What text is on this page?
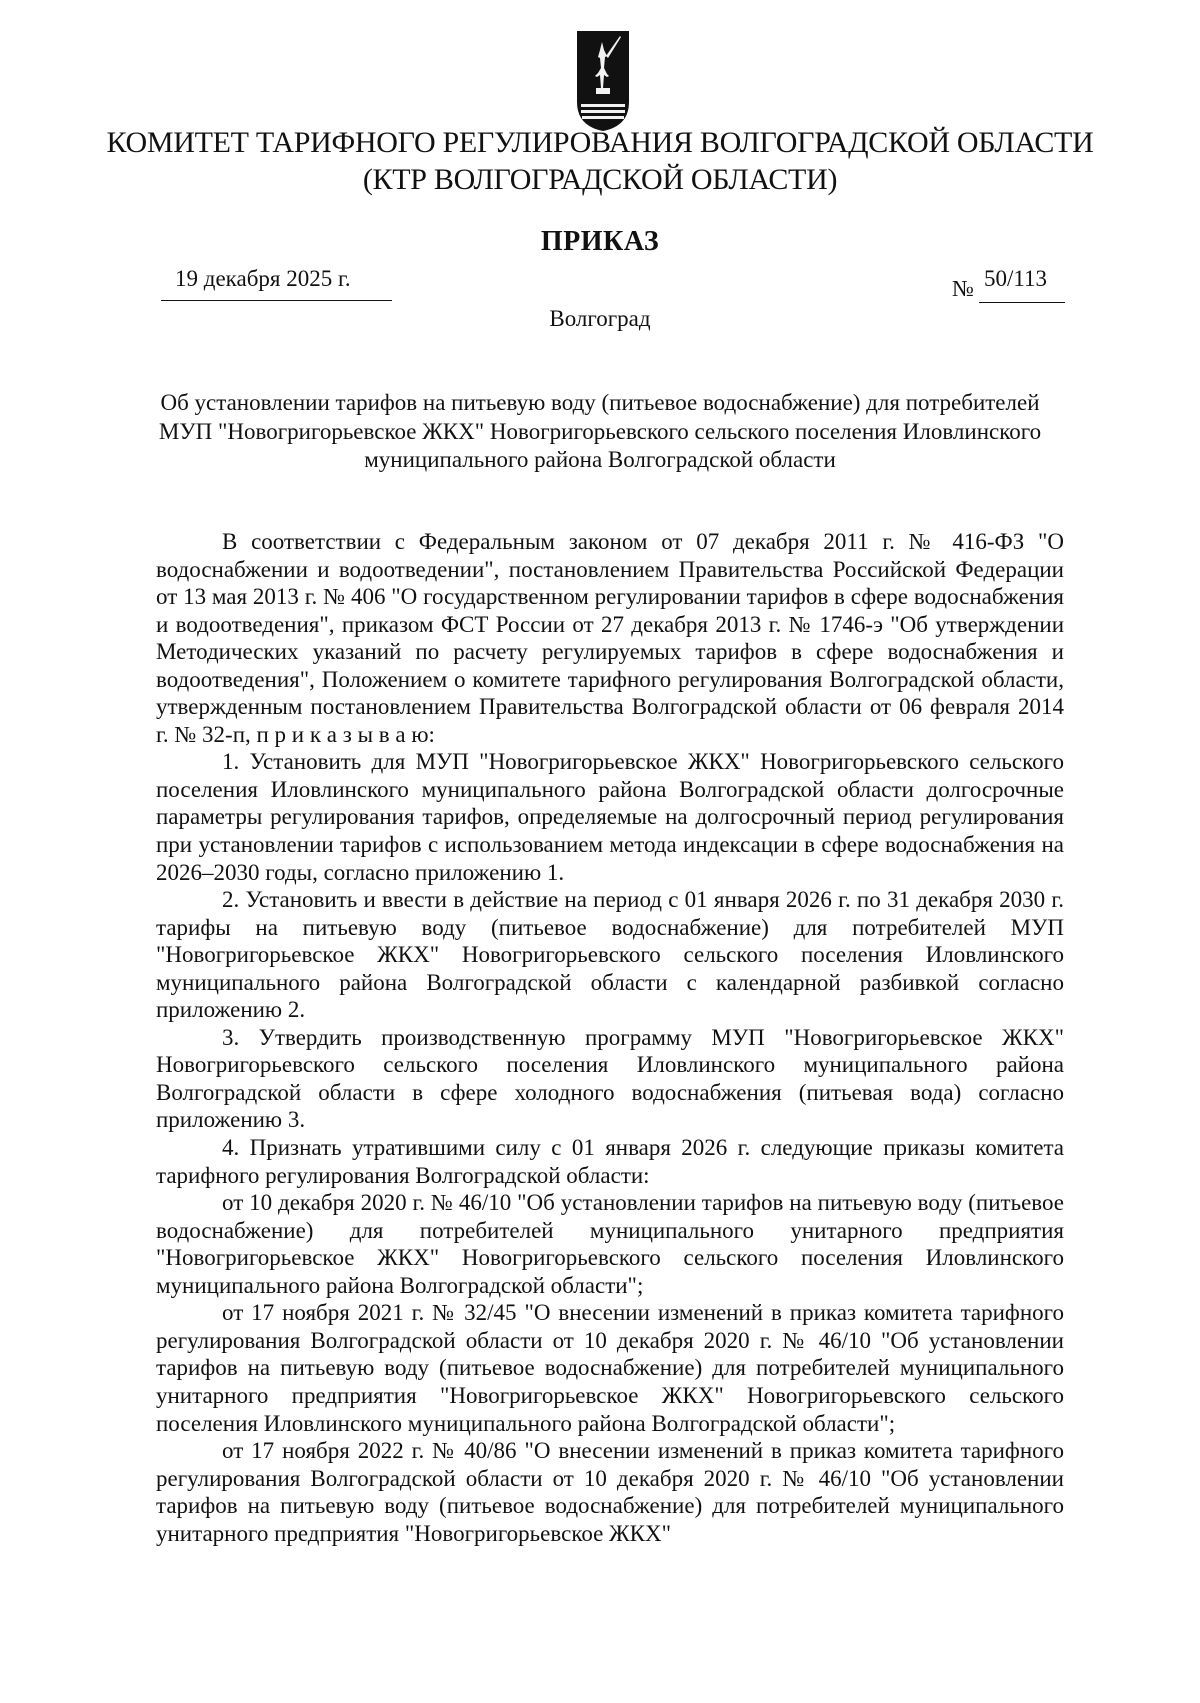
КОМИТЕТ ТАРИФНОГО РЕГУЛИРОВАНИЯ ВОЛГОГРАДСКОЙ ОБЛАСТИ
(КТР ВОЛГОГРАДСКОЙ ОБЛАСТИ)
ПРИКАЗ
19 декабря 2025 г.	№ 50/113
Волгоград
Об установлении тарифов на питьевую воду (питьевое водоснабжение) для потребителей МУП "Новогригорьевское ЖКХ" Новогригорьевского сельского поселения Иловлинского муниципального района Волгоградской области

В соответствии с Федеральным законом от 07 декабря 2011 г. № 416-ФЗ "О водоснабжении и водоотведении", постановлением Правительства Российской Федерации от 13 мая 2013 г. № 406 "О государственном регулировании тарифов в сфере водоснабжения и водоотведения", приказом ФСТ России от 27 декабря 2013 г. № 1746-э "Об утверждении Методических указаний по расчету регулируемых тарифов в сфере водоснабжения и водоотведения", Положением о комитете тарифного регулирования Волгоградской области, утвержденным постановлением Правительства Волгоградской области от 06 февраля 2014 г. № 32-п, п р и к а з ы в а ю:

1. Установить для МУП "Новогригорьевское ЖКХ" Новогригорьевского сельского поселения Иловлинского муниципального района Волгоградской области долгосрочные параметры регулирования тарифов, определяемые на долгосрочный период регулирования при установлении тарифов с использованием метода индексации в сфере водоснабжения на 2026–2030 годы, согласно приложению 1.

2. Установить и ввести в действие на период с 01 января 2026 г. по 31 декабря 2030 г. тарифы на питьевую воду (питьевое водоснабжение) для потребителей МУП "Новогригорьевское ЖКХ" Новогригорьевского сельского поселения Иловлинского муниципального района Волгоградской области с календарной разбивкой согласно приложению 2.

3. Утвердить производственную программу МУП "Новогригорьевское ЖКХ" Новогригорьевского сельского поселения Иловлинского муниципального района Волгоградской области в сфере холодного водоснабжения (питьевая вода) согласно приложению 3.

4. Признать утратившими силу с 01 января 2026 г. следующие приказы комитета тарифного регулирования Волгоградской области:

от 10 декабря 2020 г. № 46/10 "Об установлении тарифов на питьевую воду (питьевое водоснабжение) для потребителей муниципального унитарного предприятия "Новогригорьевское ЖКХ" Новогригорьевского сельского поселения Иловлинского муниципального района Волгоградской области";

от 17 ноября 2021 г. № 32/45 "О внесении изменений в приказ комитета тарифного регулирования Волгоградской области от 10 декабря 2020 г. № 46/10 "Об установлении тарифов на питьевую воду (питьевое водоснабжение) для потребителей муниципального унитарного предприятия "Новогригорьевское ЖКХ" Новогригорьевского сельского поселения Иловлинского муниципального района Волгоградской области";

от 17 ноября 2022 г. № 40/86 "О внесении изменений в приказ комитета тарифного регулирования Волгоградской области от 10 декабря 2020 г. № 46/10 "Об установлении тарифов на питьевую воду (питьевое водоснабжение) для потребителей муниципального унитарного предприятия "Новогригорьевское ЖКХ"
